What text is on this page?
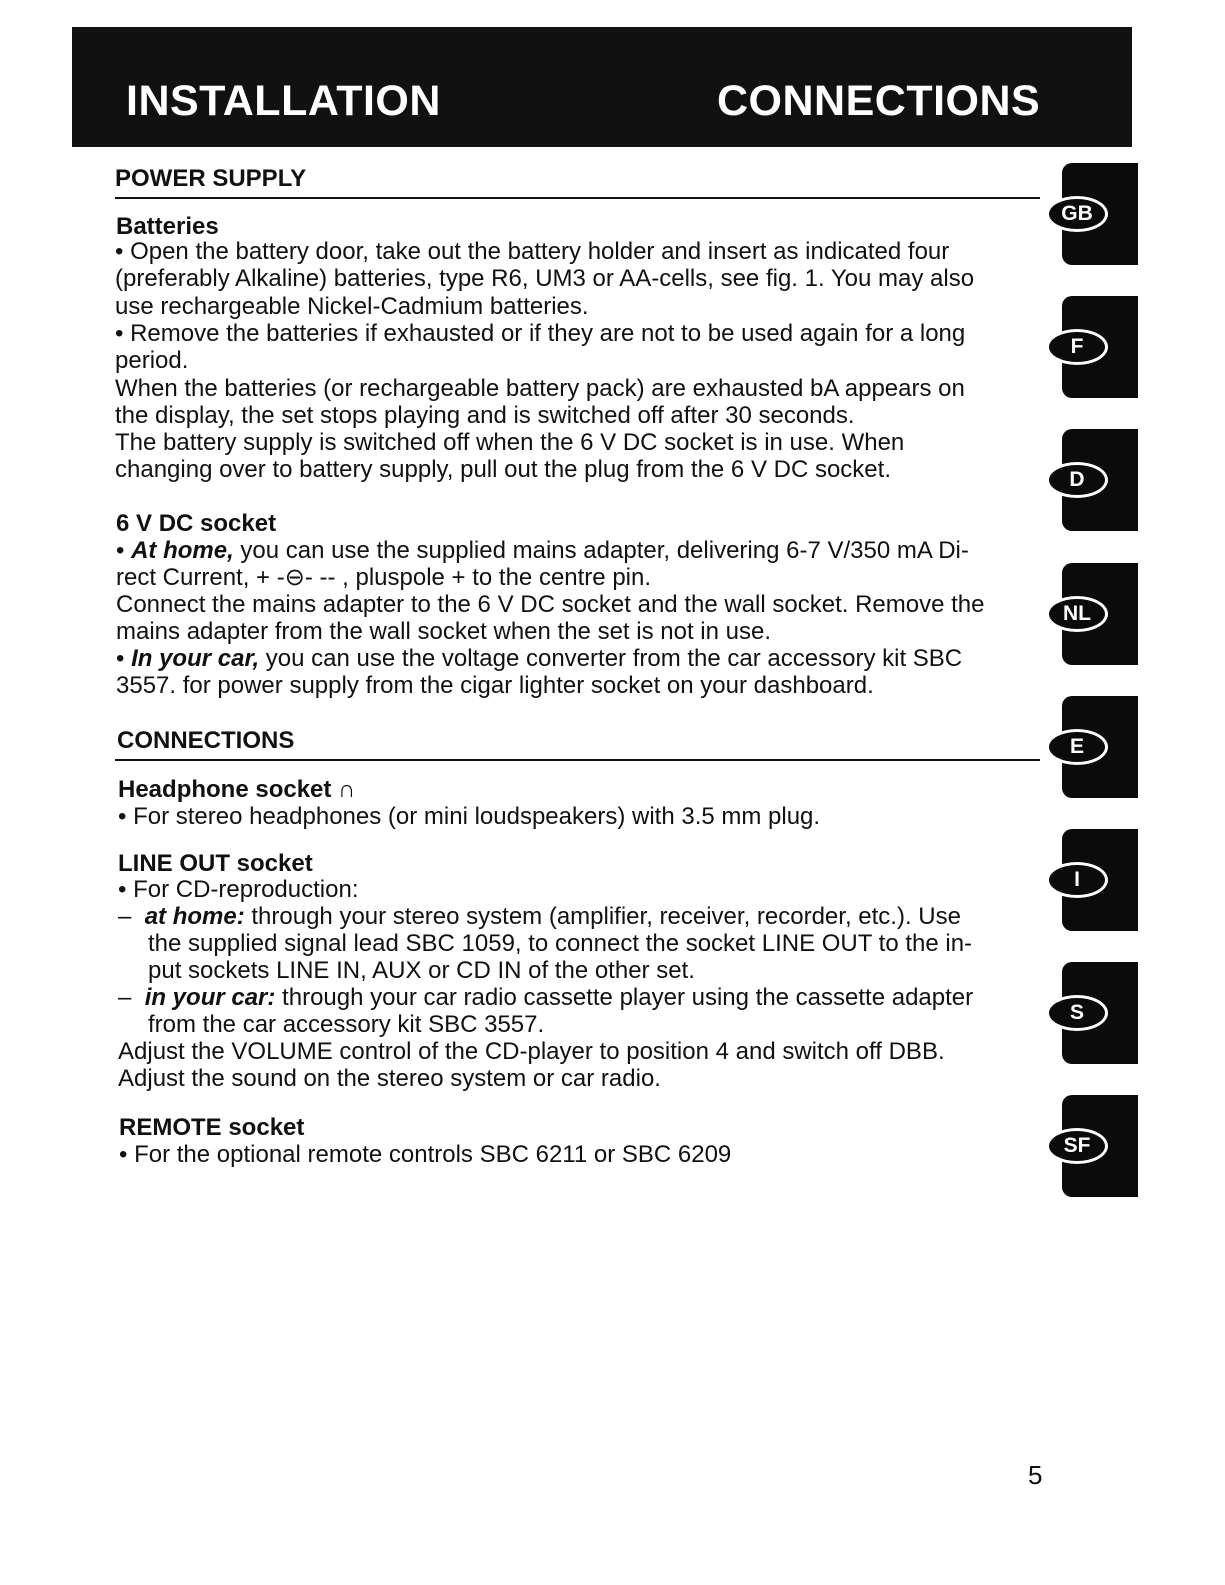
INSTALLATION	CONNECTIONS
POWER SUPPLY
Batteries
• Open the battery door, take out the battery holder and insert as indicated four
(preferably Alkaline) batteries, type R6, UM3 or AA-cells, see fig. 1. You may also
use rechargeable Nickel-Cadmium batteries.
• Remove the batteries if exhausted or if they are not to be used again for a long
period.
When the batteries (or rechargeable battery pack) are exhausted bA appears on
the display, the set stops playing and is switched off after 30 seconds.
The battery supply is switched off when the 6 V DC socket is in use. When
changing over to battery supply, pull out the plug from the 6 V DC socket.
6 V DC socket
• At home, you can use the supplied mains adapter, delivering 6-7 V/350 mA Di-
rect Current, + -⊖- -- , pluspole + to the centre pin.
Connect the mains adapter to the 6 V DC socket and the wall socket. Remove the
mains adapter from the wall socket when the set is not in use.
• In your car, you can use the voltage converter from the car accessory kit SBC
3557. for power supply from the cigar lighter socket on your dashboard.
CONNECTIONS
Headphone socket ∩
• For stereo headphones (or mini loudspeakers) with 3.5 mm plug.
LINE OUT socket
• For CD-reproduction:
–  at home: through your stereo system (amplifier, receiver, recorder, etc.). Use
the supplied signal lead SBC 1059, to connect the socket LINE OUT to the in-
put sockets LINE IN, AUX or CD IN of the other set.
–  in your car: through your car radio cassette player using the cassette adapter
from the car accessory kit SBC 3557.
Adjust the VOLUME control of the CD-player to position 4 and switch off DBB.
Adjust the sound on the stereo system or car radio.
REMOTE socket
• For the optional remote controls SBC 6211 or SBC 6209
GB
F
D
NL
E
I
S
SF
5
